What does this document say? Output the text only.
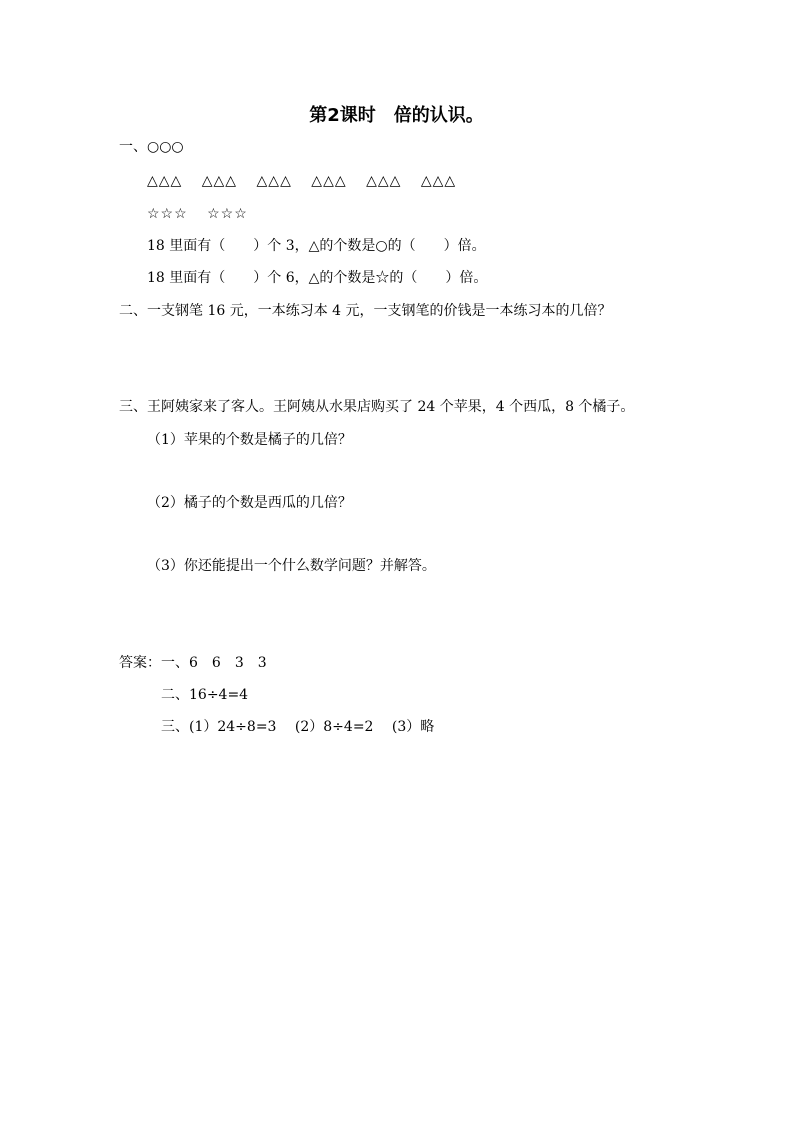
第2课时　倍的认识。
一、○○○
△△△ △△△ △△△ △△△ △△△ △△△
☆☆☆ ☆☆☆
18 里面有（　　）个 3，△的个数是○的（　　）倍。
18 里面有（　　）个 6，△的个数是☆的（　　）倍。
二、一支钢笔 16 元，一本练习本 4 元，一支钢笔的价钱是一本练习本的几倍？
三、王阿姨家来了客人。王阿姨从水果店购买了 24 个苹果，4 个西瓜，8 个橘子。
（1）苹果的个数是橘子的几倍？
（2）橘子的个数是西瓜的几倍？
（3）你还能提出一个什么数学问题？并解答。
答案：一、6　6　3　3
二、16÷4=4
三、(1）24÷8=3　 (2）8÷4=2　 (3）略
